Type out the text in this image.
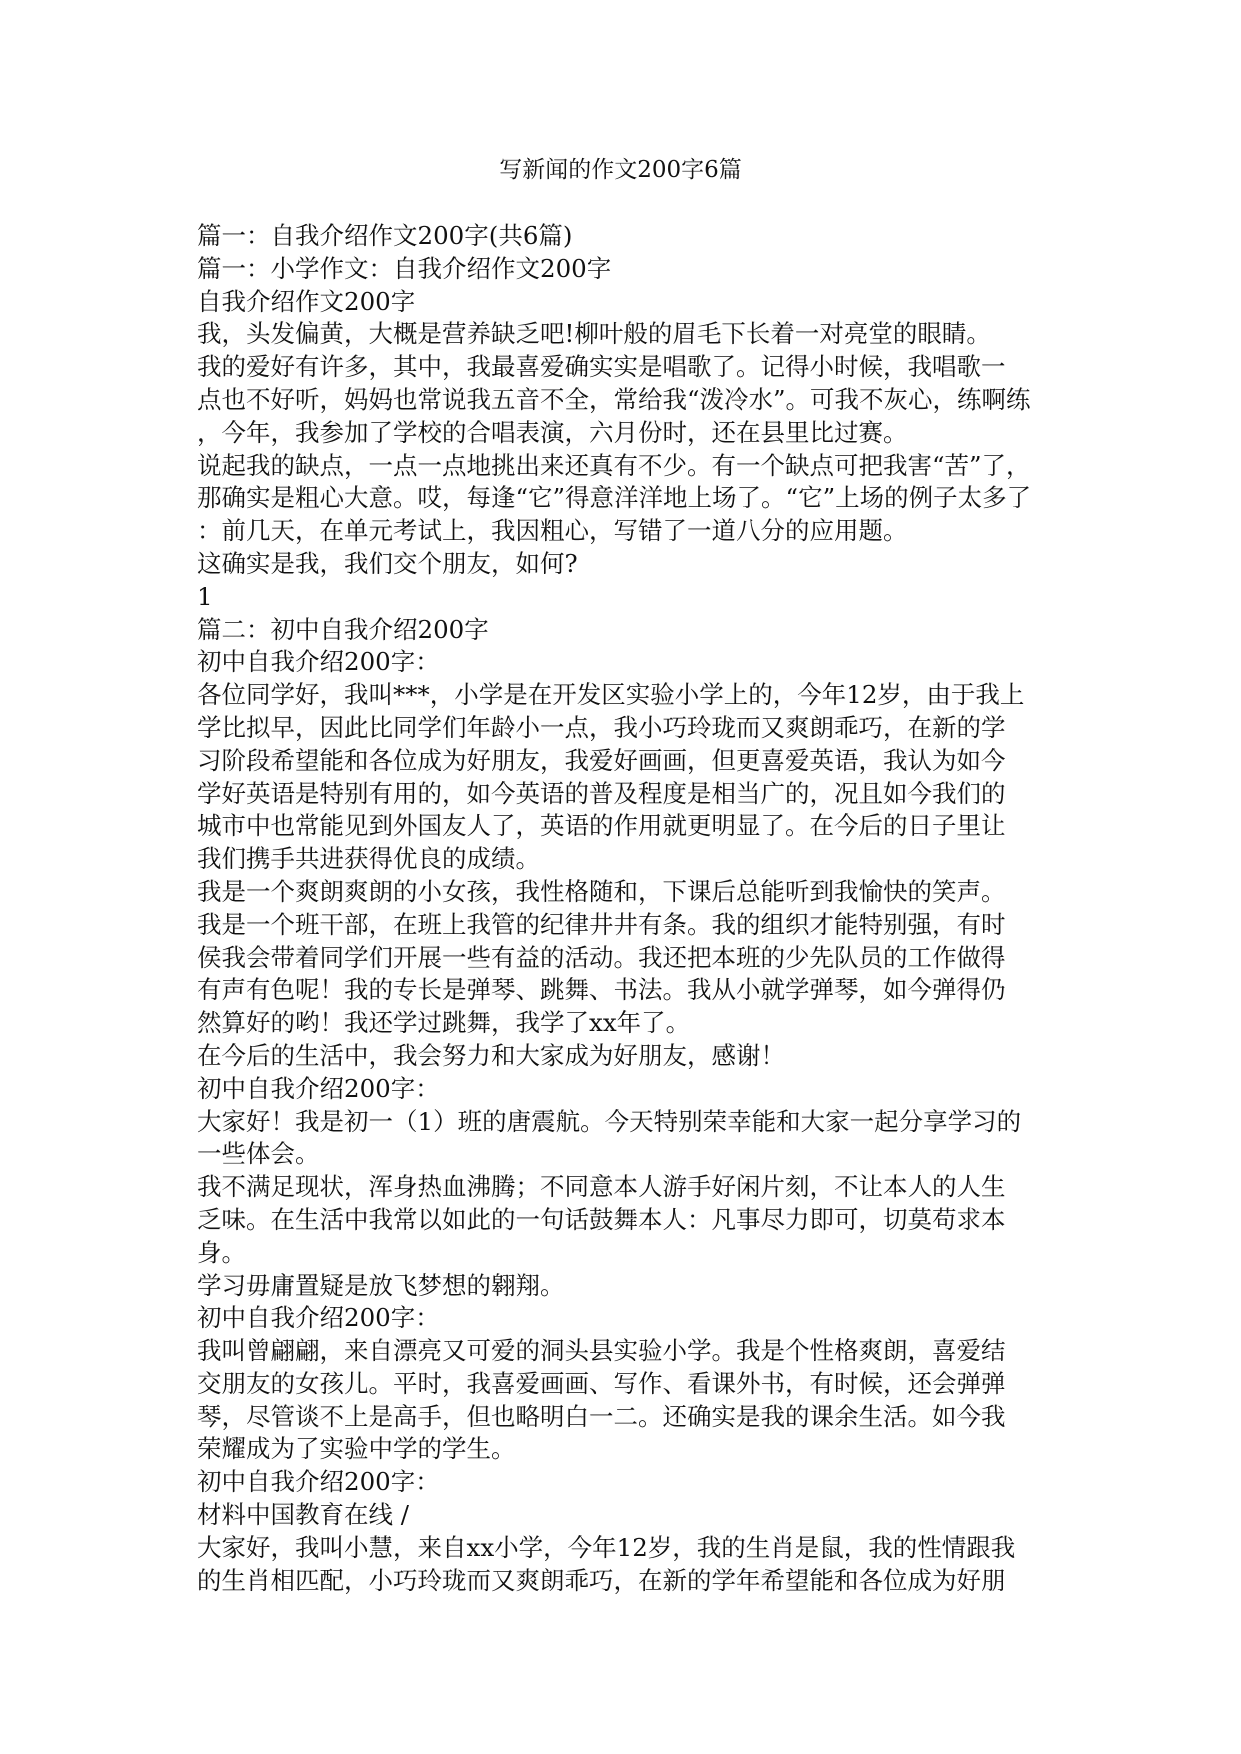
写新闻的作文200字6篇
篇一：自我介绍作文200字(共6篇)
篇一：小学作文：自我介绍作文200字
自我介绍作文200字
我，头发偏黄，大概是营养缺乏吧!柳叶般的眉毛下长着一对亮堂的眼睛。
我的爱好有许多，其中，我最喜爱确实实是唱歌了。记得小时候，我唱歌一
点也不好听，妈妈也常说我五音不全，常给我“泼冷水”。可我不灰心，练啊练
，今年，我参加了学校的合唱表演，六月份时，还在县里比过赛。
说起我的缺点，一点一点地挑出来还真有不少。有一个缺点可把我害“苦”了，
那确实是粗心大意。哎，每逢“它”得意洋洋地上场了。“它”上场的例子太多了
：前几天，在单元考试上，我因粗心，写错了一道八分的应用题。
这确实是我，我们交个朋友，如何?
1
篇二：初中自我介绍200字
初中自我介绍200字：
各位同学好，我叫***，小学是在开发区实验小学上的，今年12岁，由于我上
学比拟早，因此比同学们年龄小一点，我小巧玲珑而又爽朗乖巧，在新的学
习阶段希望能和各位成为好朋友，我爱好画画，但更喜爱英语，我认为如今
学好英语是特别有用的，如今英语的普及程度是相当广的，况且如今我们的
城市中也常能见到外国友人了，英语的作用就更明显了。在今后的日子里让
我们携手共进获得优良的成绩。
我是一个爽朗爽朗的小女孩，我性格随和，下课后总能听到我愉快的笑声。
我是一个班干部，在班上我管的纪律井井有条。我的组织才能特别强，有时
侯我会带着同学们开展一些有益的活动。我还把本班的少先队员的工作做得
有声有色呢！我的专长是弹琴、跳舞、书法。我从小就学弹琴，如今弹得仍
然算好的哟！我还学过跳舞，我学了xx年了。
在今后的生活中，我会努力和大家成为好朋友，感谢！
初中自我介绍200字：
大家好！我是初一（1）班的唐震航。今天特别荣幸能和大家一起分享学习的
一些体会。
我不满足现状，浑身热血沸腾；不同意本人游手好闲片刻，不让本人的人生
乏味。在生活中我常以如此的一句话鼓舞本人：凡事尽力即可，切莫苟求本
身。
学习毋庸置疑是放飞梦想的翱翔。
初中自我介绍200字：
我叫曾翩翩，来自漂亮又可爱的洞头县实验小学。我是个性格爽朗，喜爱结
交朋友的女孩儿。平时，我喜爱画画、写作、看课外书，有时候，还会弹弹
琴，尽管谈不上是高手，但也略明白一二。还确实是我的课余生活。如今我
荣耀成为了实验中学的学生。
初中自我介绍200字：
材料中国教育在线 /
大家好，我叫小慧，来自xx小学，今年12岁，我的生肖是鼠，我的性情跟我
的生肖相匹配，小巧玲珑而又爽朗乖巧，在新的学年希望能和各位成为好朋
